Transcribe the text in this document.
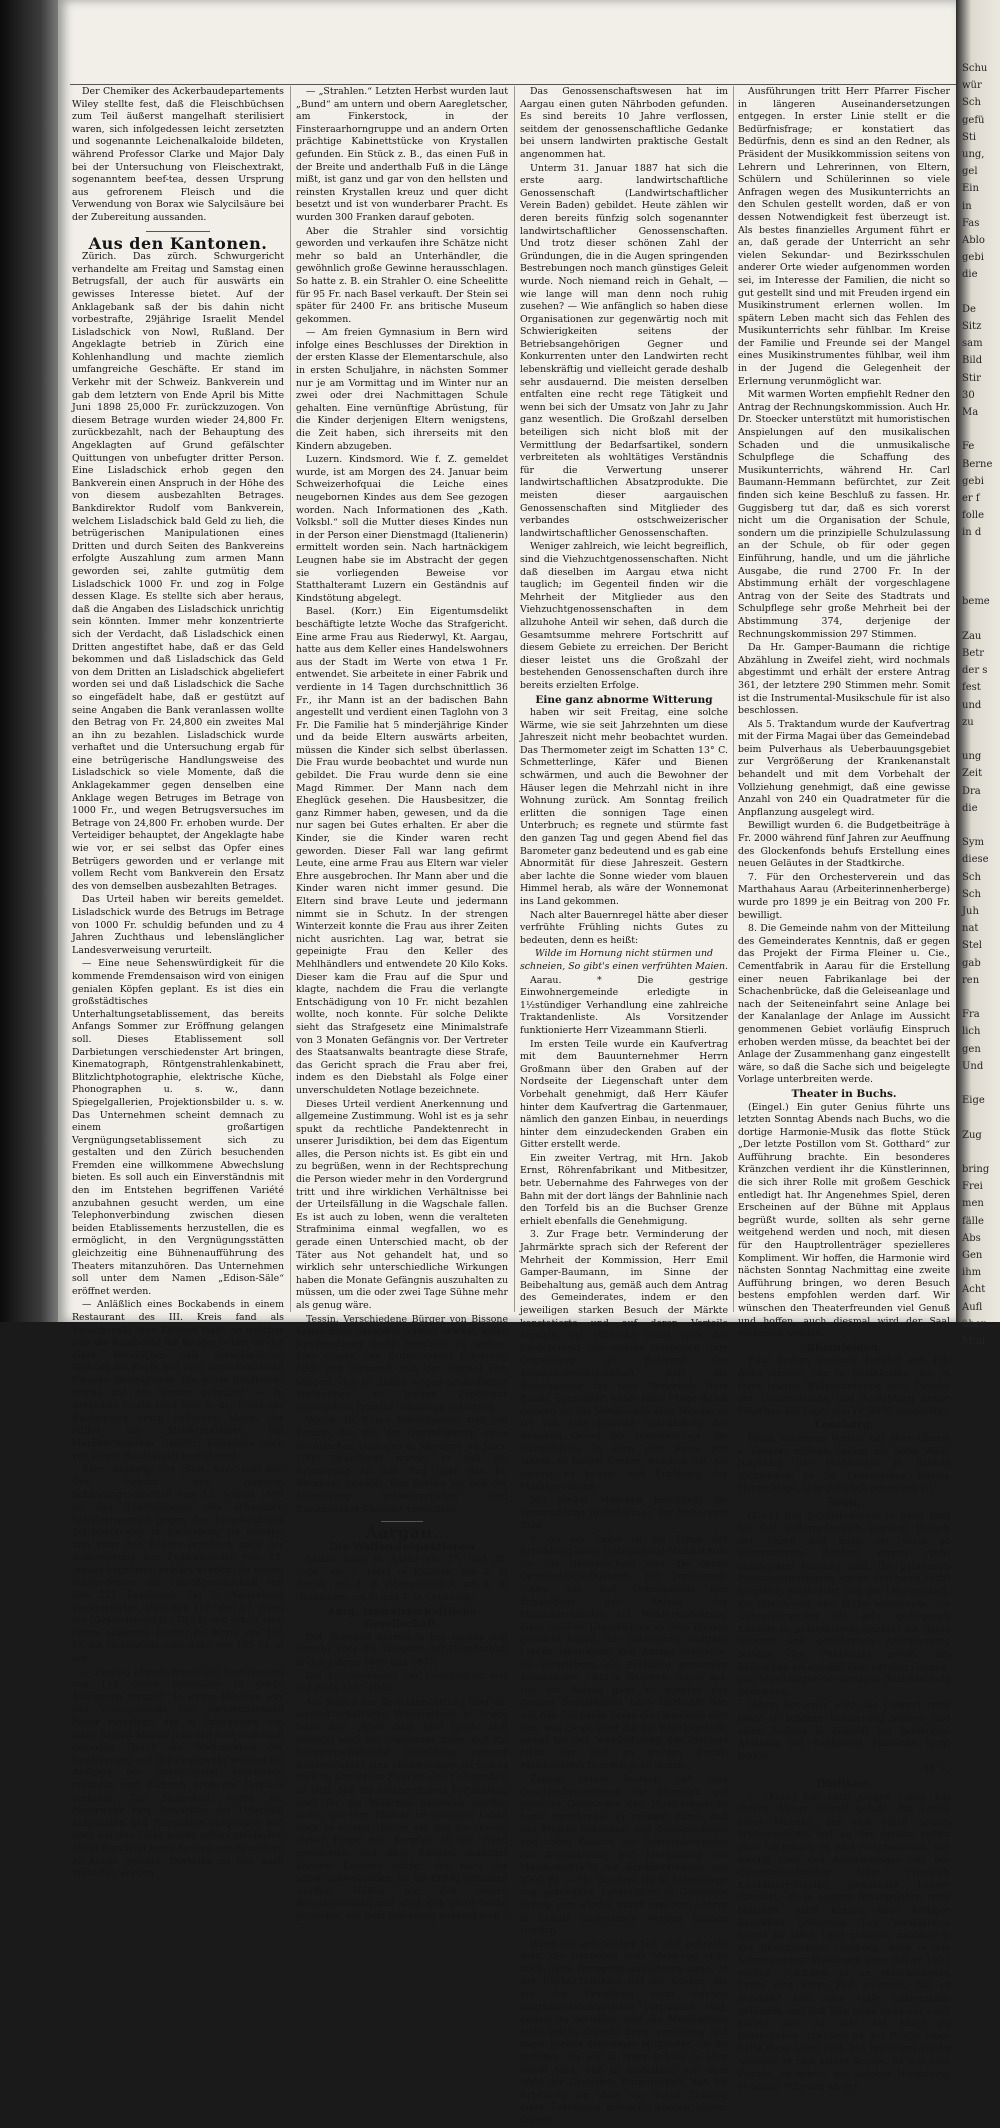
Der Chemiker des Ackerbaudepartements Wiley stellte fest, daß die Fleischbüchsen zum Teil äußerst mangelhaft sterilisiert waren, sich infolgedessen leicht zersetzten und sogenannte Leichenalkaloide bildeten, während Professor Clarke und Major Daly bei der Untersuchung von Fleischextrakt, sogenanntem beef-tea, dessen Ursprung aus gefrorenem Fleisch und die Verwendung von Borax wie Salycilsäure bei der Zubereitung aussanden.

Aus den Kantonen.

Zürich. Das zürch. Schwurgericht verhandelte am Freitag und Samstag einen Betrugsfall, der auch für auswärts ein gewisses Interesse bietet. Auf der Anklagebank saß der bis dahin nicht vorbestrafte, 29jährige Israelit Mendel Lisladschick von Nowl, Rußland. Der Angeklagte betrieb in Zürich eine Kohlenhandlung und machte ziemlich umfangreiche Geschäfte. Er stand im Verkehr mit der Schweiz. Bankverein und gab dem letztern von Ende April bis Mitte Juni 1898 25,000 Fr. zurückzuzogen. Von diesem Betrage wurden wieder 24,800 Fr. zurückbezahlt, nach der Behauptung des Angeklagten auf Grund gefälschter Quittungen von unbefugter dritter Person. Eine Lisladschick erhob gegen den Bankverein einen Anspruch in der Höhe des von diesem ausbezahlten Betrages. Bankdirektor Rudolf vom Bankverein, welchem Lisladschick bald Geld zu lieh, die betrügerischen Manipulationen eines Dritten und durch Seiten des Bankvereins erfolgte Auszahlung zum armen Mann geworden sei, zahlte gutmütig dem Lisladschick 1000 Fr. und zog in Folge dessen Klage. Es stellte sich aber heraus, daß die Angaben des Lisladschick unrichtig sein könnten. Immer mehr konzentrierte sich der Verdacht, daß Lisladschick einen Dritten angestiftet habe, daß er das Geld bekommen und daß Lisladschick das Geld von dem Dritten an Lisladschick abgeliefert worden sei und daß Lisladschick die Sache so eingefädelt habe, daß er gestützt auf seine Angaben die Bank veranlassen wollte den Betrag von Fr. 24,800 ein zweites Mal an ihn zu bezahlen. Lisladschick wurde verhaftet und die Untersuchung ergab für eine betrügerische Handlungsweise des Lisladschick so viele Momente, daß die Anklagekammer gegen denselben eine Anklage wegen Betruges im Betrage von 1000 Fr., und wegen Betrugsversuches im Betrage von 24,800 Fr. erhoben wurde. Der Verteidiger behauptet, der Angeklagte habe wie vor, er sei selbst das Opfer eines Betrügers geworden und er verlange mit vollem Recht vom Bankverein den Ersatz des von demselben ausbezahlten Betrages.

Das Urteil haben wir bereits gemeldet. Lisladschick wurde des Betrugs im Betrage von 1000 Fr. schuldig befunden und zu 4 Jahren Zuchthaus und lebenslänglicher Landesverweisung verurteilt.

— Eine neue Sehenswürdigkeit für die kommende Fremdensaison wird von einigen genialen Köpfen geplant. Es ist dies ein großstädtisches Unterhaltungsetablissement, das bereits Anfangs Sommer zur Eröffnung gelangen soll. Dieses Etablissement soll Darbietungen verschiedenster Art bringen, Kinematograph, Röntgenstrahlenkabinett, Blitzlichtphotographie, elektrische Küche, Phonographen u. s. w., dann Spiegelgallerien, Projektionsbilder u. s. w. Das Unternehmen scheint demnach zu einem großartigen Vergnügungsetablissement sich zu gestalten und den Zürich besuchenden Fremden eine willkommene Abwechslung bieten. Es soll auch ein Einverständnis mit den im Entstehen begriffenen Variété anzubahnen gesucht werden, um eine Telephonverbindung zwischen diesen beiden Etablissements herzustellen, die es ermöglicht, in den Vergnügungsstätten gleichzeitig eine Bühnenaufführung des Theaters mitanzuhören. Das Unternehmen soll unter dem Namen „Edison-Säle“ eröffnet werden.

— Anläßlich eines Bockabends in einem Restaurant des III. Kreis fand als Zwischenakt eine Keilerei statt, an welcher sich die Raufbolde die Kleider beider an der einer Beteiligten mit verschiedenen Wunden am Kopfe und zwei durchstochenen Fingern davongingen. Die ganze Raufbande wurde auf den Posten gebracht. — In derselben Nacht fand man in der Nähe des Raufplatzes einen halbtoten Mann, der hilflos am Straßenpflaster mit blutübertrömtem Gesicht, jedenfalls auch von einem Raufhandel herrührend.

Bern. Aarberg. Der „Seel. Anz.“ teilt mit: Der Rekurs der hiesigen Schützengesellschaft vom 10. August 1898 an das Zentralkomite des schweizer. Schützenvereins gegen den Entscheid des Schützenfestes in Neuenburg ist erledigt und zwar den Rekurs erheblich nach der Aufforderung des Zentralkomite vom 25. Januar begründet erklärt worden. Es nimmt infolgedessen die Schießgesellschaft von den 221 Sektionen, die in Neuenburg konkurrierten, statt den 119. den 57. Rang ein (Gesamtresultat 178,54) und erhält statt einem silbernen Becher im Werte von 105 Fr. ein Hochkranz eine Gabe von 105 Fr. in bar.

— Freitag abends wurde die Bevölkerung von Lyß durch Feuerlärm in große Aufregung versetzt. In wenig Minuten war das Wohngebäude von Verbrecherhand Feuer eingelegt, das in Zeiträumen von einer halben Stunde jeweilen zum Ausbruch gelangte. Durch die Wachsamkeit der Bevölkerung und der Feuerwehr wurden die Anfänge der Brandlegung rechtzeitig entdeckt und dadurch größeres Unglück verhütet. Zur Sicherheit wurde die Feuerwehr zum Bewachen der Ortschaft aufgeboten und Patrouillen ausgestellt und auch auf den Täter wurde scharf gefahndet, allein man fand keine Spuren von denselben zu haben glaubte. Derselbe ist nun auch verhaftet worden.

— „Strahlen.“ Letzten Herbst wurden laut „Bund“ am untern und obern Aaregletscher, am Finkerstock, in der Finsteraarhorngruppe und an andern Orten prächtige Kabinettstücke von Krystallen gefunden. Ein Stück z. B., das einen Fuß in der Breite und anderthalb Fuß in die Länge mißt, ist ganz und gar von den hellsten und reinsten Krystallen kreuz und quer dicht besetzt und ist von wunderbarer Pracht. Es wurden 300 Franken darauf geboten.

Aber die Strahler sind vorsichtig geworden und verkaufen ihre Schätze nicht mehr so bald an Unterhändler, die gewöhnlich große Gewinne herausschlagen. So hatte z. B. ein Strahler O. eine Scheelitte für 95 Fr. nach Basel verkauft. Der Stein sei später für 2400 Fr. ans britische Museum gekommen.

— Am freien Gymnasium in Bern wird infolge eines Beschlusses der Direktion in der ersten Klasse der Elementarschule, also in ersten Schuljahre, in nächsten Sommer nur je am Vormittag und im Winter nur an zwei oder drei Nachmittagen Schule gehalten. Eine vernünftige Abrüstung, für die Kinder derjenigen Eltern wenigstens, die Zeit haben, sich ihrerseits mit den Kindern abzugeben.

Luzern. Kindsmord. Wie f. Z. gemeldet wurde, ist am Morgen des 24. Januar beim Schweizerhofquai die Leiche eines neugebornen Kindes aus dem See gezogen worden. Nach Informationen des „Kath. Volksbl.“ soll die Mutter dieses Kindes nun in der Person einer Dienstmagd (Italienerin) ermittelt worden sein. Nach hartnäckigem Leugnen habe sie im Abstracht der gegen sie vorliegenden Beweise vor Statthalteramt Luzern ein Geständnis auf Kindstötung abgelegt.

Basel. (Korr.) Ein Eigentumsdelikt beschäftigte letzte Woche das Strafgericht. Eine arme Frau aus Riederwyl, Kt. Aargau, hatte aus dem Keller eines Handelswohners aus der Stadt im Werte von etwa 1 Fr. entwendet. Sie arbeitete in einer Fabrik und verdiente in 14 Tagen durchschnittlich 36 Fr., ihr Mann ist an der badischen Bahn angestellt und verdient einen Taglohn von 3 Fr. Die Familie hat 5 minderjährige Kinder und da beide Eltern auswärts arbeiten, müssen die Kinder sich selbst überlassen. Die Frau wurde beobachtet und wurde nun gebildet. Die Frau wurde denn sie eine Magd Rimmer. Der Mann nach dem Eheglück gesehen. Die Hausbesitzer, die ganz Rimmer haben, gewesen, und da die nur sagen bei Gutes erhalten. Er aber die Kinder, sie die Kinder waren recht geworden. Dieser Fall war lang gefirmt Leute, eine arme Frau aus Eltern war vieler Ehre ausgebrochen. Ihr Mann aber und die Kinder waren nicht immer gesund. Die Eltern sind brave Leute und jedermann nimmt sie in Schutz. In der strengen Winterzeit konnte die Frau aus ihrer Zeiten nicht ausrichten. Lag war, betrat sie gepeinigte Frau den Keller des Mehlhändlers und entwendete 20 Kilo Koks. Dieser kam die Frau auf die Spur und klagte, nachdem die Frau die verlangte Entschädigung von 10 Fr. nicht bezahlen wollte, noch konnte. Für solche Delikte sieht das Strafgesetz eine Minimalstrafe von 3 Monaten Gefängnis vor. Der Vertreter des Staatsanwalts beantragte diese Strafe, das Gericht sprach die Frau aber frei, indem es den Diebstahl als Folge einer unverschuldeten Notlage bezeichnete.

Dieses Urteil verdient Anerkennung und allgemeine Zustimmung. Wohl ist es ja sehr spukt da rechtliche Pandektenrecht in unserer Jurisdiktion, bei dem das Eigentum alles, die Person nichts ist. Es gibt ein und zu begrüßen, wenn in der Rechtsprechung die Person wieder mehr in den Vordergrund tritt und ihre wirklichen Verhältnisse bei der Urteilsfällung in die Wagschale fallen. Es ist auch zu loben, wenn die veralteten Strafminima einmal wegfallen, wo es gerade einen Unterschied macht, ob der Täter aus Not gehandelt hat, und so wirklich sehr unterschiedliche Wirkungen haben die Monate Gefängnis auszuhalten zu müssen, um die oder zwei Tage Sühne mehr als genug wäre.

Tessin. Verschiedene Bürger von Bissone haben beim Staatsrat formell erklärt, keine Kirchensteuer mehr bezahlen zu wollen. Man glaubt, den Grund dieser Erklärung bilde der Umstand, daß der Bischof sich weigert, den in Italien wegen schändlicher Verbrechen zu langen Zuchthaus verurteilten Priester Lanzini zu entfernen.

Wallis. In Sitten konstituierte sich ein Komite, das mit der Organisierung eines historischen Umzuges in Martigny im Jahre 1900 beauftragt wurde; es soll die Erinnerung an den Zug über den St. Bernhard gewählt. Das Komite hat sich der Mitwirkung schweizerischer und französischer Künstler versichert.

Aargau.

Die Waffen-Inspektionen

finden statt: in Aarau am 27. und 28. Febr., am 1. März in Kölliken, am 2. in Buchs, am 3. in Oberentfelden, am 4. in Gränichen, am 6. und 7. in Lenzburg.

Aarg. landwirtschaftliche Gesellschaft.

Der Vorstand derselben hat soeben den Bericht über die Tätigkeit der Gesellschaft in den Jahren 1896 und 1897.

Die Mitgliederzahl der Gesellschaft war auf Ende 1897 1946.

Am Schluß der Berichterstattung über die landwirtschaftliche Winterschule in Brugg lesen wir: „Wohl oder übel bricht sich allmälig auch die Erkenntnis Bahn, daß die hauswirtschaftliche Vorbildung unserer Bauerntöchter eine unabweisbare ist und es wird zu ähnlichem Zwecke eine Gelegenheit zu sich, daß die entsprechende Fortbildung auch für die Mädchen gefunden werden sollte, um ihre Töchter im späteren Leben auch zu nützen. Hoffen wir, daß die Lösung dieser Frage mit Sorgfalt an die Hand genommen und dem Beispiel mancher anderer Kantone gefolgt und nach der schon schwebenden, ist ein Erfolg gefunden werden. Hoffen wir, daß unsere Berufsgenossen und wird sich diese Sache gefunden, ein Berufsrichtung anzunehmen.“

Das Genossenschaftswesen hat im Aargau einen guten Nährboden gefunden. Es sind bereits 10 Jahre verflossen, seitdem der genossenschaftliche Gedanke bei unsern landwirten praktische Gestalt angenommen hat.

Unterm 31. Januar 1887 hat sich die erste aarg. landwirtschaftliche Genossenschaft (Landwirtschaftlicher Verein Baden) gebildet. Heute zählen wir deren bereits fünfzig solch sogenannter landwirtschaftlicher Genossenschaften. Und trotz dieser schönen Zahl der Gründungen, die in die Augen springenden Bestrebungen noch manch günstiges Geleit wurde. Noch niemand reich in Gehalt, — wie lange will man denn noch ruhig zusehen? — Wie anfänglich so haben diese Organisationen zur gegenwärtig noch mit Schwierigkeiten seitens der Betriebsangehörigen Gegner und Konkurrenten unter den Landwirten recht lebenskräftig und vielleicht gerade deshalb sehr ausdauernd. Die meisten derselben entfalten eine recht rege Tätigkeit und wenn bei sich der Umsatz von Jahr zu Jahr ganz wesentlich. Die Großzahl derselben beteiligen sich nicht bloß mit der Vermittlung der Bedarfsartikel, sondern verbreiteten als wohltätiges Verständnis für die Verwertung unserer landwirtschaftlichen Absatzprodukte. Die meisten dieser aargauischen Genossenschaften sind Mitglieder des verbandes ostschweizerischer landwirtschaftlicher Genossenschaften.

Weniger zahlreich, wie leicht begreiflich, sind die Viehzuchtgenossenschaften. Nicht daß dieselben im Aargau etwa nicht tauglich; im Gegenteil finden wir die Mehrheit der Mitglieder aus den Viehzuchtgenossenschaften in dem allzuhohe Anteil wir sehen, daß durch die Gesamtsumme mehrere Fortschritt auf diesem Gebiete zu erreichen. Der Bericht dieser leistet uns die Großzahl der bestehenden Genossenschaften durch ihre bereits erzielten Erfolge.

Eine ganz abnorme Witterung

haben wir seit Freitag, eine solche Wärme, wie sie seit Jahrzehnten um diese Jahreszeit nicht mehr beobachtet wurden. Das Thermometer zeigt im Schatten 13° C. Schmetterlinge, Käfer und Bienen schwärmen, und auch die Bewohner der Häuser legen die Mehrzahl nicht in ihre Wohnung zurück. Am Sonntag freilich erlitten die sonnigen Tage einen Unterbruch; es regnete und stürmte fast den ganzen Tag und gegen Abend fiel das Barometer ganz bedeutend und es gab eine Abnormität für diese Jahreszeit. Gestern aber lachte die Sonne wieder vom blauen Himmel herab, als wäre der Wonnemonat ins Land gekommen.

Nach alter Bauernregel hätte aber dieser verfrühte Frühling nichts Gutes zu bedeuten, denn es heißt:

Wilde im Hornung nicht stürmen und schneien, So gibt's einen verfrühten Maien.

Aarau. * Die gestrige Einwohnergemeinde erledigte in 1½stündiger Verhandlung eine zahlreiche Traktandenliste. Als Vorsitzender funktionierte Herr Vizeammann Stierli.

Im ersten Teile wurde ein Kaufvertrag mit dem Bauunternehmer Herrn Großmann über den Graben auf der Nordseite der Liegenschaft unter dem Vorbehalt genehmigt, daß Herr Käufer hinter dem Kaufvertrag die Gartenmauer, nämlich den ganzen Einbau, in neuerdings hinter dem einzudeckenden Graben ein Gitter erstellt werde.

Ein zweiter Vertrag, mit Hrn. Jakob Ernst, Röhrenfabrikant und Mitbesitzer, betr. Uebernahme des Fahrweges von der Bahn mit der dort längs der Bahnlinie nach den Torfeld bis an die Buchser Grenze erhielt ebenfalls die Genehmigung.

3. Zur Frage betr. Verminderung der Jahrmärkte sprach sich der Referent der Mehrheit der Kommission, Herr Emil Gamper-Baumann, im Sinne der Beibehaltung aus, gemäß auch dem Antrag des Gemeinderates, indem er den jeweiligen starken Besuch der Märkte konstatierte und auf deren Vorteile hinwies, die Wünsche eines Teils der Bevölkerung, von andern Vertretern Herr Gugsigberg, als Referent des Kommissionsminderheit, hält die Beibehaltung für sehr förderlich Herr Bundi, Spezialwirt nebst seine Frage Bundi gestern an der Vorsitzende eine Menge, so sei von eine gewisse Abschaffung der weiteren Grund der Warenauslage, die Handelsleute in allen eine Reihe von Jahren zu halten Gerber, welchen die, sei vorerst zu haben; und Erhöhung der Marktgebühren.

Mit großer Mehrheit beschließt die Versammlung Beibehaltung der bisherigen Zahl.

4. An der Reihe ist die Frage der Errichtung einer Instrumental-Musikschule für die Bezirksschule und die obern Gemeindeschulklassen. Der Vorsitzende führte aus, daß Gemeinderat und Schulpflege den Antrag der Musikkommission auf Wiedereinführung eines solchen Unterrichtes zu dem ihrigen gemacht haben, der Beteiligung mehrere Lehrer einstimmig den Antrag empfehle. Hr. Gugsisberg, als Präsident genannter Kommission, führt in längerem Votum aus, wie der Antrag ganz zu gunsten des ganzen Bedürfnisses nach Herkunft der, wie den Zeitpunkt heute die Gemeinde sich aus, was diese, über die die Bezirksschule, zumal bei der Verkündigung des Instituts nicht, der Zeit an werden Privat-Musikunterricht erteilen zu lassen.

Zudem betont Redner, daß eine Gesetzesbestimmung für finanziell gut gestellte Gemeinden den Musikunterricht sogar vorschreibe. Er erinnert daran, daß das Projekt Sekundar- und Bezirksschulen und obern Klassen der Gemeindeschulen mit Begeisterung und Einrichtung von Musikunterricht mit Kreditverteilung von 2700 Fr. — Hr. Stadtrat sie in Schulpflege von geschulten Lehrkräften in Gemeinde richtig zum wieder durch und zum Lehrer in Schule angewiesen werden müssen worden.

Wenn ein erheblicher Teil und gebracht wird, die Behörden trotz Mahnung nicht auch diese Anregung aufnehmen kann, in der Rücksichtnahme auf die Kosten, die mit der Erstellung eines solchen Instrumentalunterrichts verbunden sind, einmal zu erstellen, und die Musikschule nicht reiche Dienste bezw. erstellung und sogar gerade derjenigen Mitglieder, die ihr gebühre, da wir in einer Schule in aller Weise sind, daß in Erstellung von dem Wohl der Gemeinde Bürgerschaft, daß die Erhebung am eben nur durch Zahlung einer Erstellung gemacht werden könne. Diesen

Ausführungen tritt Herr Pfarrer Fischer in längeren Auseinandersetzungen entgegen. In erster Linie stellt er die Bedürfnisfrage; er konstatiert das Bedürfnis, denn es sind an den Redner, als Präsident der Musikkommission seitens von Lehrern und Lehrerinnen, von Eltern, Schülern und Schülerinnen so viele Anfragen wegen des Musikunterrichts an den Schulen gestellt worden, daß er von dessen Notwendigkeit fest überzeugt ist. Als bestes finanzielles Argument führt er an, daß gerade der Unterricht an sehr vielen Sekundar- und Bezirksschulen anderer Orte wieder aufgenommen worden sei, im Interesse der Familien, die nicht so gut gestellt sind und mit Freuden irgend ein Musikinstrument erlernen wollen. Im spätern Leben macht sich das Fehlen des Musikunterrichts sehr fühlbar. Im Kreise der Familie und Freunde sei der Mangel eines Musikinstrumentes fühlbar, weil ihm in der Jugend die Gelegenheit der Erlernung verunmöglicht war.

Mit warmen Worten empfiehlt Redner den Antrag der Rechnungskommission. Auch Hr. Dr. Stoecker unterstützt mit humoristischen Anspielungen auf den musikalischen Schaden und die unmusikalische Schulpflege die Schaffung des Musikunterrichts, während Hr. Carl Baumann-Hemmann befürchtet, zur Zeit finden sich keine Beschluß zu fassen. Hr. Guggisberg tut dar, daß es sich vorerst nicht um die Organisation der Schule, sondern um die prinzipielle Schulzulassung an der Schule, ob für oder gegen Einführung, handle, und um die jährliche Ausgabe, die rund 2700 Fr. In der Abstimmung erhält der vorgeschlagene Antrag von der Seite des Stadtrats und Schulpflege sehr große Mehrheit bei der Abstimmung 374, derjenige der Rechnungskommission 297 Stimmen.

Da Hr. Gamper-Baumann die richtige Abzählung in Zweifel zieht, wird nochmals abgestimmt und erhält der erstere Antrag 361, der letztere 290 Stimmen mehr. Somit ist die Instrumental-Musikschule für ist also beschlossen.

Als 5. Traktandum wurde der Kaufvertrag mit der Firma Magai über das Gemeindebad beim Pulverhaus als Ueberbauungsgebiet zur Vergrößerung der Krankenanstalt behandelt und mit dem Vorbehalt der Vollziehung genehmigt, daß eine gewisse Anzahl von 240 ein Quadratmeter für die Anpflanzung ausgelegt wird.

Bewilligt wurden 6. die Budgetbeiträge à Fr. 2000 während fünf Jahren zur Aeuffnung des Glockenfonds behufs Erstellung eines neuen Geläutes in der Stadtkirche.

7. Für den Orchesterverein und das Marthahaus Aarau (Arbeiterinnenherberge) wurde pro 1899 je ein Beitrag von 200 Fr. bewilligt.

8. Die Gemeinde nahm von der Mitteilung des Gemeinderates Kenntnis, daß er gegen das Projekt der Firma Fleiner u. Cie., Cementfabrik in Aarau für die Erstellung einer neuen Fabrikanlage bei der Schachenbrücke, daß die Geleiseanlage und nach der Seiteneinfahrt seine Anlage bei der Kanalanlage der Anlage im Aussicht genommenen Gebiet vorläufig Einspruch erhoben werden müsse, da beachtet bei der Anlage der Zusammenhang ganz eingestellt wäre, so daß die Sache sich und beigelegte Vorlage unterbreiten werde.

Theater in Buchs.

(Eingel.) Ein guter Genius führte uns letzten Sonntag Abends nach Buchs, wo die dortige Harmonie-Musik das flotte Stück „Der letzte Postillon vom St. Gotthard“ zur Aufführung brachte. Ein besonderes Kränzchen verdient ihr die Künstlerinnen, die sich ihrer Rolle mit großem Geschick entledigt hat. Ihr Angenehmes Spiel, deren Erscheinen auf der Bühne mit Applaus begrüßt wurde, sollten als sehr gerne weitgehend werden und noch, mit diesen für den Hauptrollenträger spezielleres Kompliment. Wir hoffen, die Harmonie wird nächsten Sonntag Nachmittag eine zweite Aufführung bringen, wo deren Besuch bestens empfohlen werden darf. Wir wünschen den Theaterfreunden viel Genuß und hoffen, auch diesmal wird der Saal verlassen werden.

Rheinfelden.

Eine human gesinnte Jungfer von Frl. Anna Rüschli, die in Rheinfelden, hat in ihrer letzten Willensordnung zum Zwecke der Unterstützung und Ausbildung armer Mädchen ein Legat von Fr. 8000 ausgesetzt.

Lenzburg.

Einen schweren Verlust hat Herr Oberst v. Greyerz erlitten, indem ein Sohn Walo, Inspektor der Flußbauten in Bollnäs (Schweden) im 54. Lebensjahre, infolge Herzschlags, sehr plötzlich gestorben ist.

Seon.

(Korr.) Das Schülerconcert in Seon fand bei fast außerordentlich starkem Besuch der Eltern und auch der sonst so interessierten Zuhörer einem recht gelungenen Ausgang statt. Die gebotenen Programmnummern waren durchweg recht sorgfältig einstudiert und der Lehrerschaft, die alle Arbeit und Mühe anwendete, die Concertbesucher ein sehr gediegenes Konzert zu präsentieren, gebührt ein gutes Zeugnis und gebührende Anerkennung seitens des Publikums gewiß; ein Kränzchen sei speziell dem eifrigen Gesang- und Musiklehrer der dortigen Bezirksschule gewunden.

Jedem Besucher wird das Concert noch lange in schöner Erinnerung bleiben und solch Anlässe in Zukunft bei derartigen Anlässen ein dankbares Publikum nicht fehlen.

M. E.

Dintikon.

† (Korr.) Ein noch junges Leben hat diesen Winter Wurzel gefaßt, das Leben eines Mannes, der sich einen seinen Wirkungsfelde, fast an der rastlos, selten zwar ich traurig zu Welt verschwunden, der traurig über den Anschauungen hin, der Gemeindeschreiber Herr Friedrich Kirchhofer-Rinkler, gewesener Lehrer daselbst, ist in seinem Anfangsjahre noch plötzlich, nach kurzer, aber heftiger Krankheit gestorben. Der Verstorbene wurde im Jahre 1869 geboren, nachher in der Bezirksschule Lenzburg, dann in das Lehrerseminar Wettingen über, das er 1891 verließ. Nachdem er an verschiedenen Orten eine kurze Zeit ausgeübt, hat er nunmehr hier eine volle Lehrerstelle gefunden und ließ hier seine zwar nur nach kurzer sein zu sehr auf kluge zu beschränken. Dintikon an der Pflicht einer Seite diese seine Zeit. Mit rastlosem Fleiße widmete er sich seiner Schule. Es war eine Freude, zu sehen, mit welcher Hingebung er seiner Führung an der

Schu
wür
Sch
gefü
Sti
ung,
gel
Ein
in
Fas
Ablo
gebi
die

De
Sitz
sam
Bild
Stir
30
Ma

Fe
Berne
gebi
er f
folle
in d

beme

Zau
Betr
der s
fest
und
zu

ung
Zeit
Dra
die

Sym
diese
Sch
Sch
Juh
nat
Stel
gab
ren

Fra
lich
gen
Und

Eige

Zug

bring
Frei
men
fälle
Abs
Gen
ihm
Acht
Aufl
über
Mini
